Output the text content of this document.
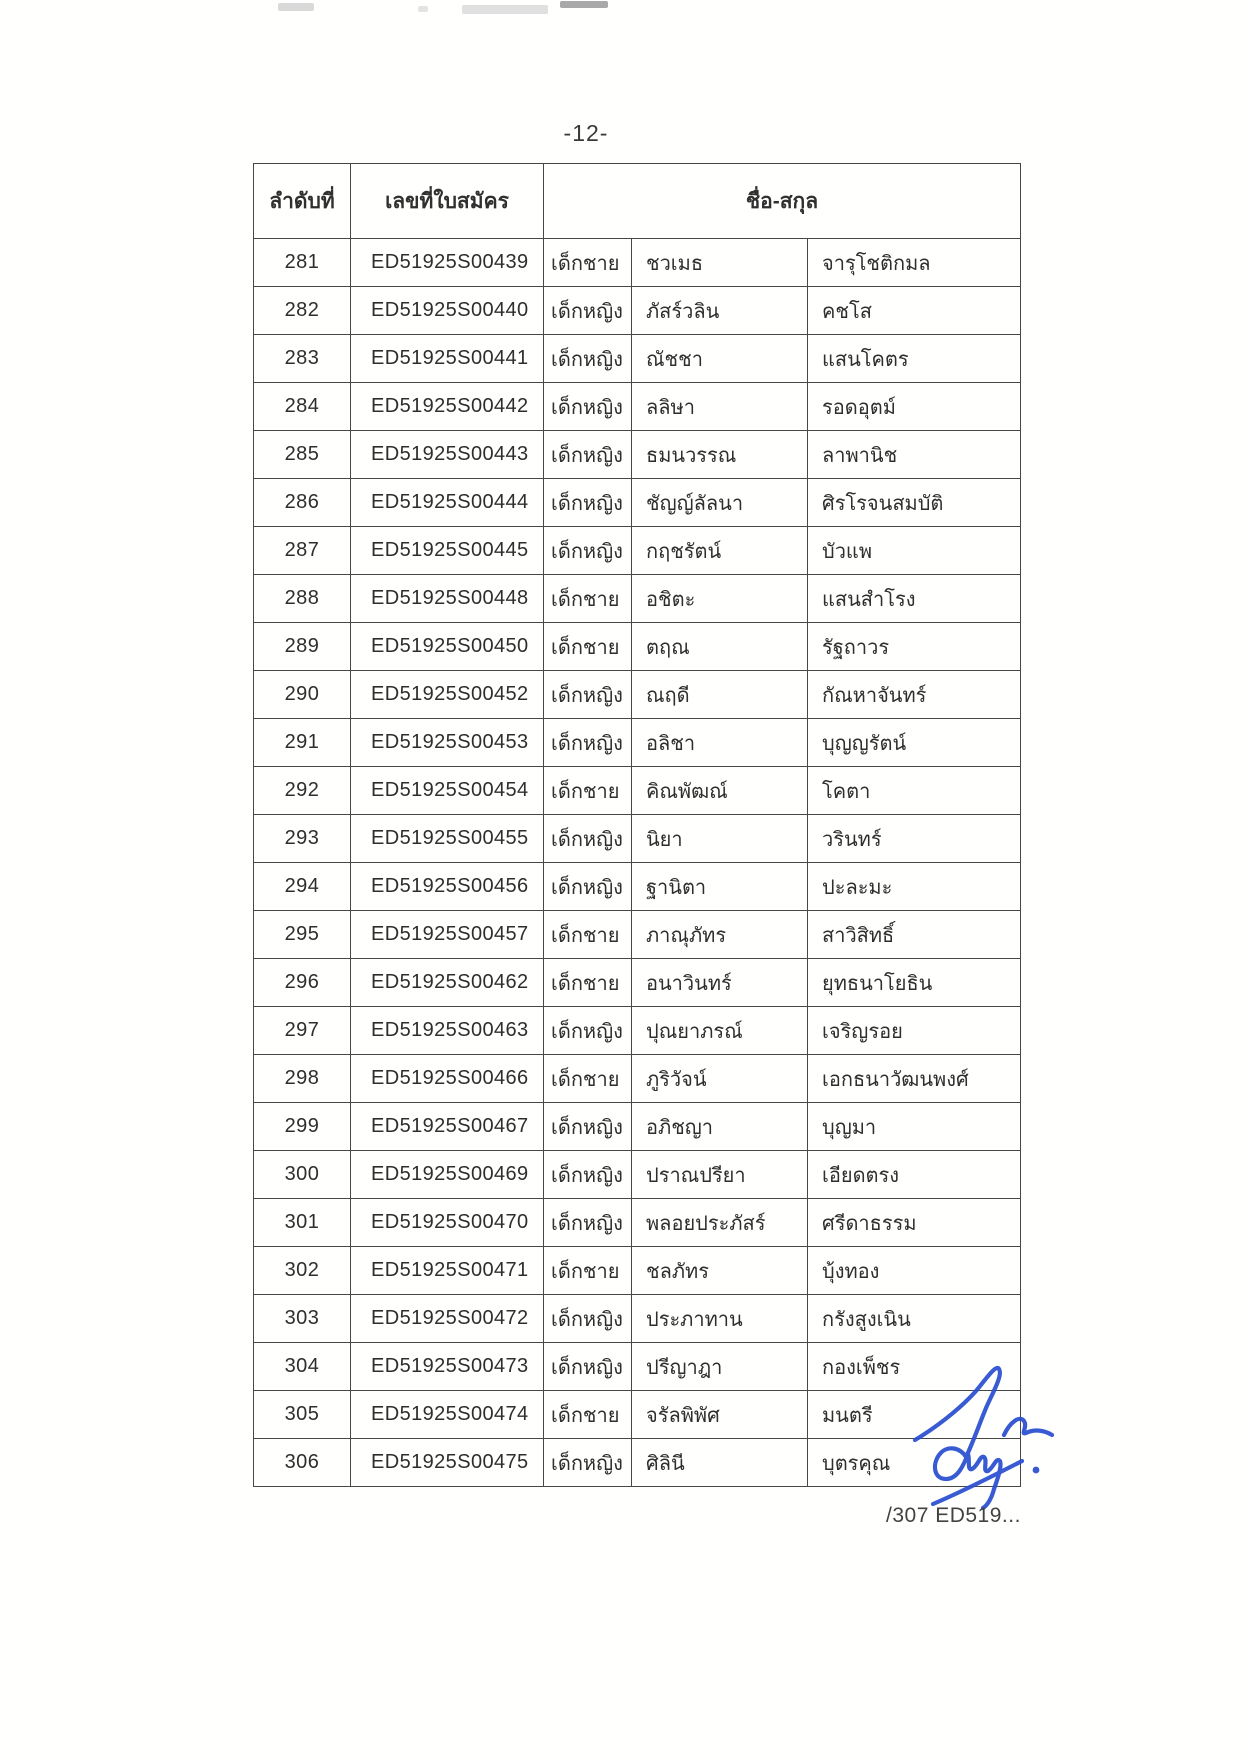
-12-
ลำดับที่	เลขที่ใบสมัคร	ชื่อ-สกุล		
281	ED51925S00439	เด็กชาย	ชวเมธ	จารุโชติกมล
282	ED51925S00440	เด็กหญิง	ภัสร์วลิน	คชโส
283	ED51925S00441	เด็กหญิง	ณัชชา	แสนโคตร
284	ED51925S00442	เด็กหญิง	ลลิษา	รอดอุตม์
285	ED51925S00443	เด็กหญิง	ธมนวรรณ	ลาพานิช
286	ED51925S00444	เด็กหญิง	ชัญญ์ลัลนา	ศิรโรจนสมบัติ
287	ED51925S00445	เด็กหญิง	กฤชรัตน์	บัวแพ
288	ED51925S00448	เด็กชาย	อชิตะ	แสนสำโรง
289	ED51925S00450	เด็กชาย	ตฤณ	รัฐถาวร
290	ED51925S00452	เด็กหญิง	ณฤดี	กัณหาจันทร์
291	ED51925S00453	เด็กหญิง	อลิชา	บุญญรัตน์
292	ED51925S00454	เด็กชาย	คิณพัฒณ์	โคตา
293	ED51925S00455	เด็กหญิง	นิยา	วรินทร์
294	ED51925S00456	เด็กหญิง	ฐานิตา	ปะละมะ
295	ED51925S00457	เด็กชาย	ภาณุภัทร	สาวิสิทธิ์
296	ED51925S00462	เด็กชาย	อนาวินทร์	ยุทธนาโยธิน
297	ED51925S00463	เด็กหญิง	ปุณยาภรณ์	เจริญรอย
298	ED51925S00466	เด็กชาย	ภูริวัจน์	เอกธนาวัฒนพงศ์
299	ED51925S00467	เด็กหญิง	อภิชญา	บุญมา
300	ED51925S00469	เด็กหญิง	ปราณปรียา	เอียดตรง
301	ED51925S00470	เด็กหญิง	พลอยประภัสร์	ศรีดาธรรม
302	ED51925S00471	เด็กชาย	ชลภัทร	บุ้งทอง
303	ED51925S00472	เด็กหญิง	ประภาทาน	กรังสูงเนิน
304	ED51925S00473	เด็กหญิง	ปรีญาฎา	กองเพ็ชร
305	ED51925S00474	เด็กชาย	จรัลพิพัศ	มนตรี
306	ED51925S00475	เด็กหญิง	ศิลินี	บุตรคุณ
/307 ED519...
